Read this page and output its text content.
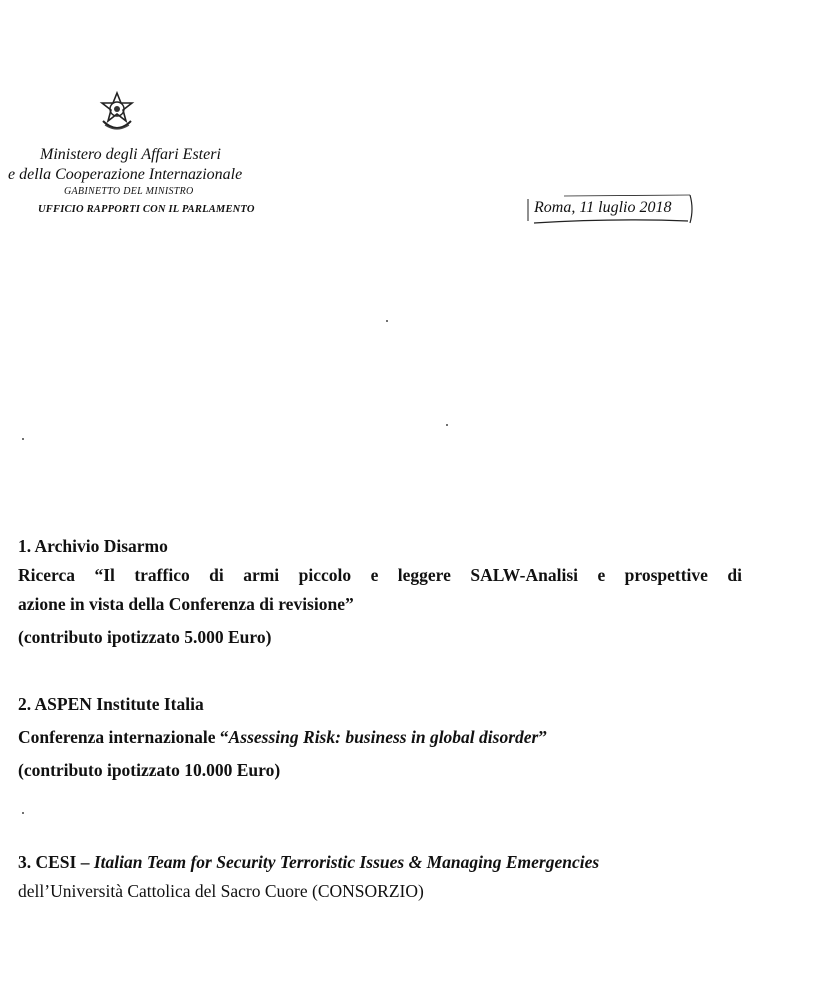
Ministero degli Affari Esteri
e della Cooperazione Internazionale
GABINETTO DEL MINISTRO
UFFICIO RAPPORTI CON IL PARLAMENTO	Roma, 11 luglio 2018
1. Archivio Disarmo
Ricerca “Il traffico di armi piccolo e leggere SALW-Analisi e prospettive di
azione in vista della Conferenza di revisione”
(contributo ipotizzato 5.000 Euro)
2. ASPEN Institute Italia
Conferenza internazionale “Assessing Risk: business in global disorder”
(contributo ipotizzato 10.000 Euro)
3. CESI – Italian Team for Security Terroristic Issues & Managing Emergencies
dell’Università Cattolica del Sacro Cuore (CONSORZIO)
